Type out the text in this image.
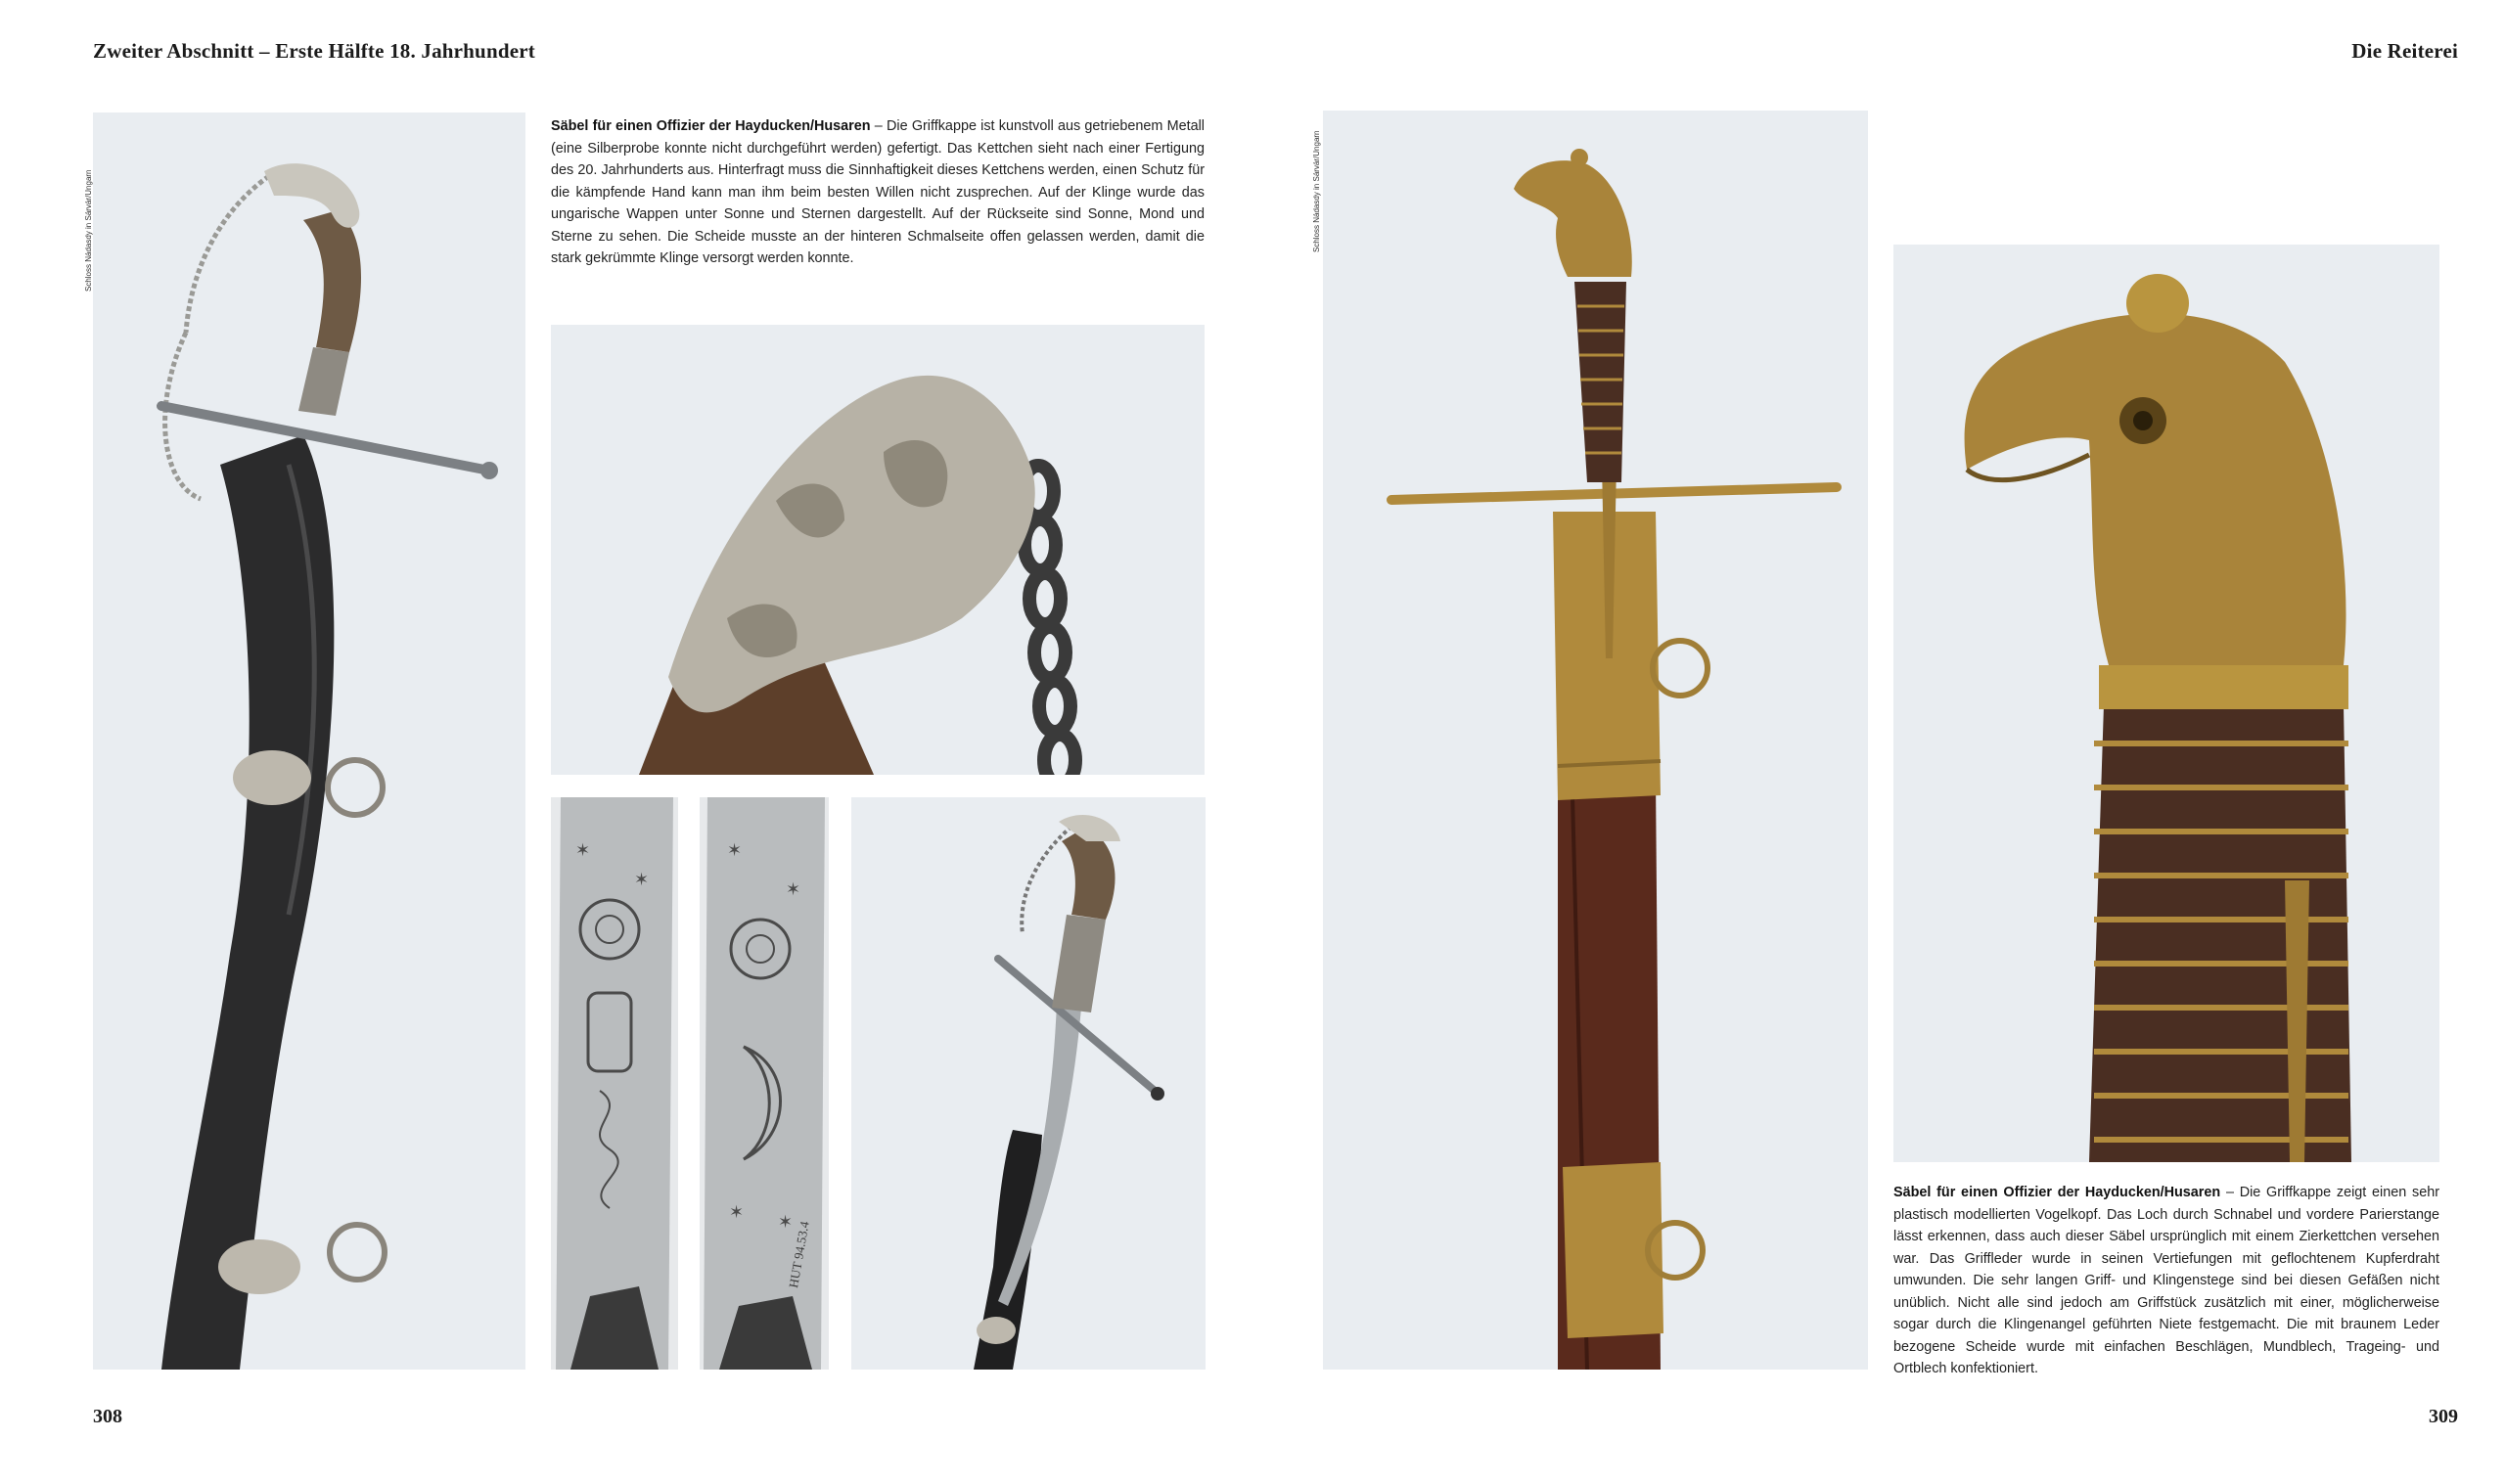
Zweiter Abschnitt – Erste Hälfte 18. Jahrhundert	Die Reiterei
Schloss Nádasdy in Sárvár/Ungarn
Säbel für einen Offizier der Hayducken/Husaren – Die Griffkappe ist kunstvoll aus getriebenem Metall (eine Silberprobe konnte nicht durchgeführt werden) gefertigt. Das Kettchen sieht nach einer Fertigung des 20. Jahrhunderts aus. Hinterfragt muss die Sinnhaftigkeit dieses Kettchens werden, einen Schutz für die kämpfende Hand kann man ihm beim besten Willen nicht zusprechen. Auf der Klinge wurde das ungarische Wappen unter Sonne und Sternen dargestellt. Auf der Rückseite sind Sonne, Mond und Sterne zu sehen. Die Scheide musste an der hinteren Schmalseite offen gelassen werden, damit die stark gekrümmte Klinge versorgt werden konnte.
✶
✶
✶
✶
✶ ✶
HUT 94.53.4
308
Schloss Nádasdy in Sárvár/Ungarn
Säbel für einen Offizier der Hayducken/Husaren – Die Griffkappe zeigt einen sehr plastisch modellierten Vogelkopf. Das Loch durch Schnabel und vordere Parierstange lässt erkennen, dass auch dieser Säbel ursprünglich mit einem Zierkettchen versehen war. Das Griffleder wurde in seinen Vertiefungen mit geflochtenem Kupferdraht umwunden. Die sehr langen Griff- und Klingenstege sind bei diesen Gefäßen nicht unüblich. Nicht alle sind jedoch am Griffstück zusätzlich mit einer, möglicherweise sogar durch die Klingenangel geführten Niete festgemacht. Die mit braunem Leder bezogene Scheide wurde mit einfachen Beschlägen, Mundblech, Trageing- und Ortblech konfektioniert.
309
